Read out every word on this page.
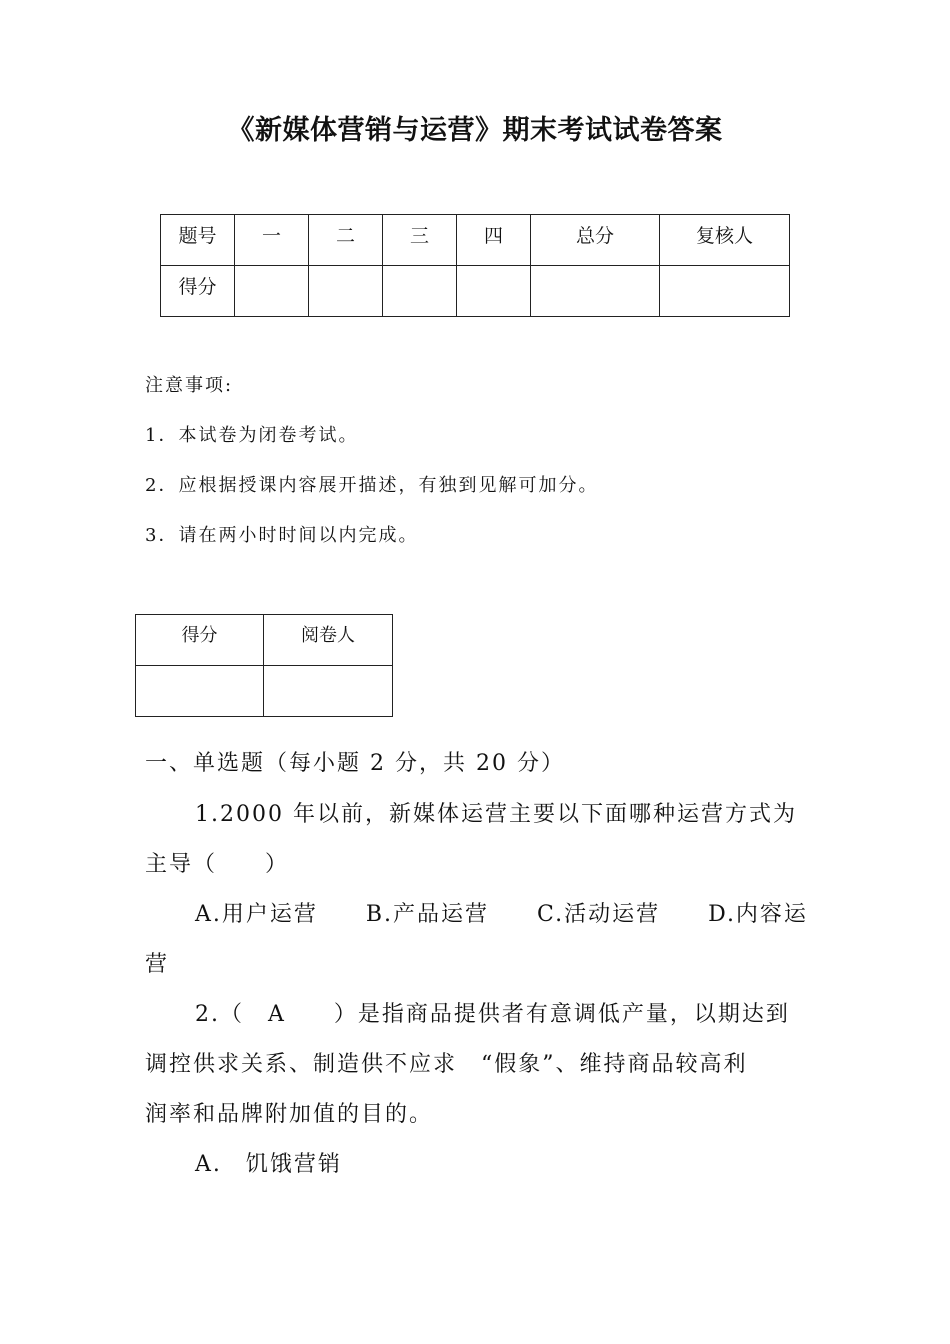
《新媒体营销与运营》期末考试试卷答案
题号	一	二	三	四	总分	复核人
得分						
注意事项:
1．本试卷为闭卷考试。
2．应根据授课内容展开描述，有独到见解可加分。
3．请在两小时时间以内完成。
得分	阅卷人

一、单选题（每小题 2 分，共 20 分）
1.2000 年以前，新媒体运营主要以下面哪种运营方式为
主导（　　）
A.用户运营　　B.产品运营　　C.活动运营　　D.内容运
营
2.（　A　　）是指商品提供者有意调低产量，以期达到
调控供求关系、制造供不应求　“假象”、维持商品较高利
润率和品牌附加值的目的。
A.　饥饿营销
